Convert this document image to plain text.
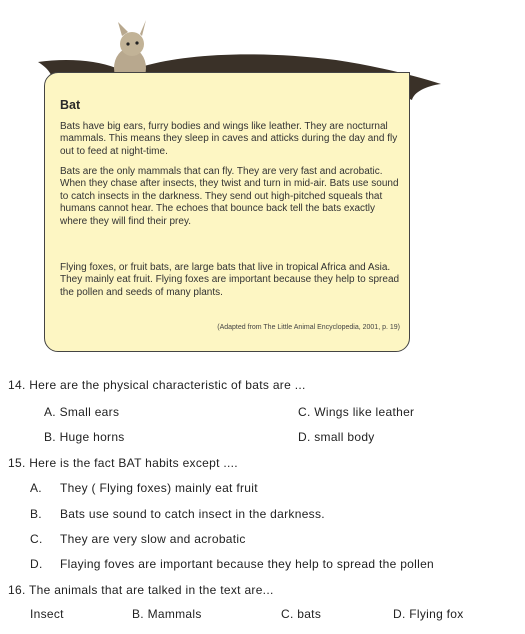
Bat

Bats have big ears, furry bodies and wings like leather. They are nocturnal mammals. This means they sleep in caves and atticks during the day and fly out to feed at night-time.

Bats are the only mammals that can fly. They are very fast and acrobatic. When they chase after insects, they twist and turn in mid-air. Bats use sound to catch insects in the darkness. They send out high-pitched squeals that humans cannot hear. The echoes that bounce back tell the bats exactly where they will find their prey.

Flying foxes, or fruit bats, are large bats that live in tropical Africa and Asia. They mainly eat fruit. Flying foxes are important because they help to spread the pollen and seeds of many plants.

(Adapted from The Little Animal Encyclopedia, 2001, p. 19)
14. Here are the physical characteristic of bats are ...
A. Small ears	C. Wings like leather
B. Huge horns	D. small body
15. Here is the fact BAT habits except ....
A. They ( Flying foxes) mainly eat fruit
B. Bats use sound to catch insect in the darkness.
C. They are very slow and acrobatic
D. Flaying foves are important because they help to spread the pollen
16. The animals that are talked in the text are...
Insect	B. Mammals	C. bats	D. Flying fox
